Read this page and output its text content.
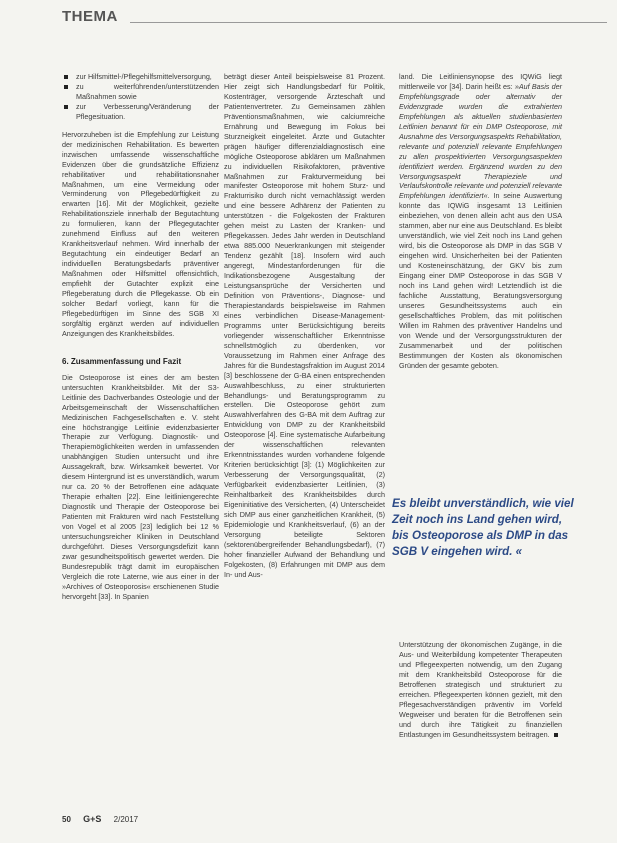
THEMA
zur Hilfsmittel-/Pflegehilfsmittelversorgung,
zu weiterführenden/unterstützenden Maßnahmen sowie
zur Verbesserung/Veränderung der Pflegesituation.

Hervorzuheben ist die Empfehlung zur Leistung der medizinischen Rehabilitation. Es bewerten inzwischen umfassende wissenschaftliche Evidenzen über die grundsätzliche Effizienz rehabilitativer und rehabilitationsnaher Maßnahmen, um eine Vermeidung oder Verminderung von Pflegebedürftigkeit zu erwarten [16]. Mit der Möglichkeit, gezielte Rehabilitationsziele innerhalb der Begutachtung zu formulieren, kann der Pflegegutachter zunehmend Einfluss auf den weiteren Krankheitsverlauf nehmen. Wird innerhalb der Begutachtung ein eindeutiger Bedarf an individuellen Beratungsbedarfs präventiver Maßnahmen oder Hilfsmittel offensichtlich, empfiehlt der Gutachter explizit eine Pflegeberatung durch die Pflegekasse. Ob ein solcher Bedarf vorliegt, kann für die Pflegebedürftigen im Sinne des SGB XI sorgfältig ergänzt werden auf individuellen Anzeigungen des Krankheitsbildes.

6. Zusammenfassung und Fazit

Die Osteoporose ist eines der am besten untersuchten Krankheitsbilder. Mit der S3-Leitlinie des Dachverbandes Osteologie und der Arbeitsgemeinschaft der Wissenschaftlichen Medizinischen Fachgesellschaften e. V. steht eine höchstrangige Leitlinie evidenzbasierter Therapie zur Verfügung. Diagnostik- und Therapiemöglichkeiten werden in umfassenden unabhängigen Studien untersucht und ihre Aussagekraft, bzw. Wirksamkeit bewertet. Vor diesem Hintergrund ist es unverständlich, warum nur ca. 20 % der Betroffenen eine adäquate Therapie erhalten [22]. Eine leitliniengerechte Diagnostik und Therapie der Osteoporose bei Patienten mit Frakturen wird nach Feststellung von Vogel et al 2005 [23] lediglich bei 12 % untersuchungsreicher Kliniken in Deutschland durchgeführt. Dieses Versorgungsdefizit kann zwar gesundheitspolitisch gewertet werden. Die Bundesrepublik trägt damit im europäischen Vergleich die rote Laterne, wie aus einer in der »Archives of Osteoporosis« erschienenen Studie hervorgeht [33]. In Spanien

beträgt dieser Anteil beispielsweise 81 Prozent. Hier zeigt sich Handlungsbedarf für Politik, Kostenträger, versorgende Ärzteschaft und Patientenvertreter. Zu Gemeinsamen zählen Präventionsmaßnahmen, wie calciumreiche Ernährung und Bewegung im Fokus bei Sturzneigkeit eingeleitet. Ärzte und Gutachter prägen häufiger differenzialdiagnostisch eine mögliche Osteoporose abklären um Maßnahmen zu individuellen Risikofaktoren, präventive Maßnahmen zur Frakturvermeidung bei manifester Osteoporose mit hohem Sturz- und Frakturrisiko durch nicht vernachlässigt werden und eine bessere Adhärenz der Patienten zu unterstützen - die Folgekosten der Frakturen gehen meist zu Lasten der Kranken- und Pflegekassen. Jedes Jahr werden in Deutschland etwa 885.000 Neuerkrankungen mit steigender Tendenz gezählt [18]. Insofern wird auch angeregt, Mindestanforderungen für die Indikationsbezogene Ausgestaltung der Leistungsansprüche der Versicherten und Definition von Präventions-, Diagnose- und Therapiestandards beispielsweise im Rahmen eines verbindlichen Disease-Management-Programms unter Berücksichtigung bereits vorliegender wissenschaftlicher Erkenntnisse schnellstmöglich zu überdenken, vor Voraussetzung im Rahmen einer Anfrage des Jahres für die Bundestagsfraktion im August 2014 [3] beschlossene der G-BA einen entsprechenden Auswahlbeschluss, zu einer strukturierten Behandlungs- und Beratungsprogramm zu erstellen. Die Osteoporose gehört zum Auswahlverfahren des G-BA mit dem Auftrag zur Entwicklung von DMP zu der Krankheitsbild Osteoporose [4]. Eine systematische Aufarbeitung der wissenschaftlichen relevanten Erkenntnisstandes wurden vorhandene folgende Kriterien berücksichtigt [3]: (1) Möglichkeiten zur Verbesserung der Versorgungsqualität, (2) Verfügbarkeit evidenzbasierter Leitlinien, (3) Reinhaltbarkeit des Krankheitsbildes durch Eigeninitiative des Versicherten, (4) Unterscheidet sich DMP aus einer ganzheitlichen Krankheit, (5) Epidemiologie und Krankheitsverlauf, (6) an der Versorgung beteiligte Sektoren (sektorenübergreifender Behandlungsbedarf), (7) hoher finanzieller Aufwand der Behandlung und Folgekosten, (8) Erfahrungen mit DMP aus dem In- und Aus-

land. Die Leitliniensynopse des IQWiG liegt mittlerweile vor [34]. Darin heißt es: »Auf Basis der Empfehlungsgrade oder alternativ der Evidenzgrade wurden die extrahierten Empfehlungen als aktuellen studienbasierten Leitlinien benannt für ein DMP Osteoporose, mit Ausnahme des Versorgungsaspekts Rehabilitation, relevante und potenziell relevante Empfehlungen zu allen prospektivierten Versorgungsaspekten identifiziert werden. Ergänzend wurden zu den Versorgungsaspekt Therapieziele und Verlaufskontrolle relevante und potenziell relevante Empfehlungen identifiziert«. In seine Auswertung konnte das IQWiG insgesamt 13 Leitlinien einbeziehen, von denen allein acht aus den USA stammen, aber nur eine aus Deutschland. Es bleibt unverständlich, wie viel Zeit noch ins Land gehen wird, bis die Osteoporose als DMP in das SGB V eingehen wird. Unsicherheiten bei der Patienten und Kosteneinschätzung, der GKV bis zum Eingang einer DMP Osteoporose in das SGB V noch ins Land gehen wird! Letztendlich ist die fachliche Ausstattung, Beratungsversorgung unseres Gesundheitssystems auch ein gesellschaftliches Problem, das mit politischen Willen im Rahmen des präventiver Handelns und von Wende und der Versorgungsstrukturen der Zusammenarbeit und der politischen Bestimmungen der Kosten als ökonomischen Gründen der gesamte geboten.

Es bleibt unverständlich, wie viel Zeit noch ins Land gehen wird, bis Osteoporose als DMP in das SGB V eingehen wird. «

Unterstützung der ökonomischen Zugänge, in die Aus- und Weiterbildung kompetenter Therapeuten und Pflegeexperten notwendig, um den Zugang mit dem Krankheitsbild Osteoporose für die Betroffenen strategisch und strukturiert zu erreichen. Pflegeexperten können gezielt, mit den Pflegesachverständigen präventiv im Vorfeld Wegweiser und beraten für die Betroffenen sein und durch ihre Tätigkeit zu finanziellen Entlastungen im Gesundheitssystem beitragen.

50 G+S 2/2017
